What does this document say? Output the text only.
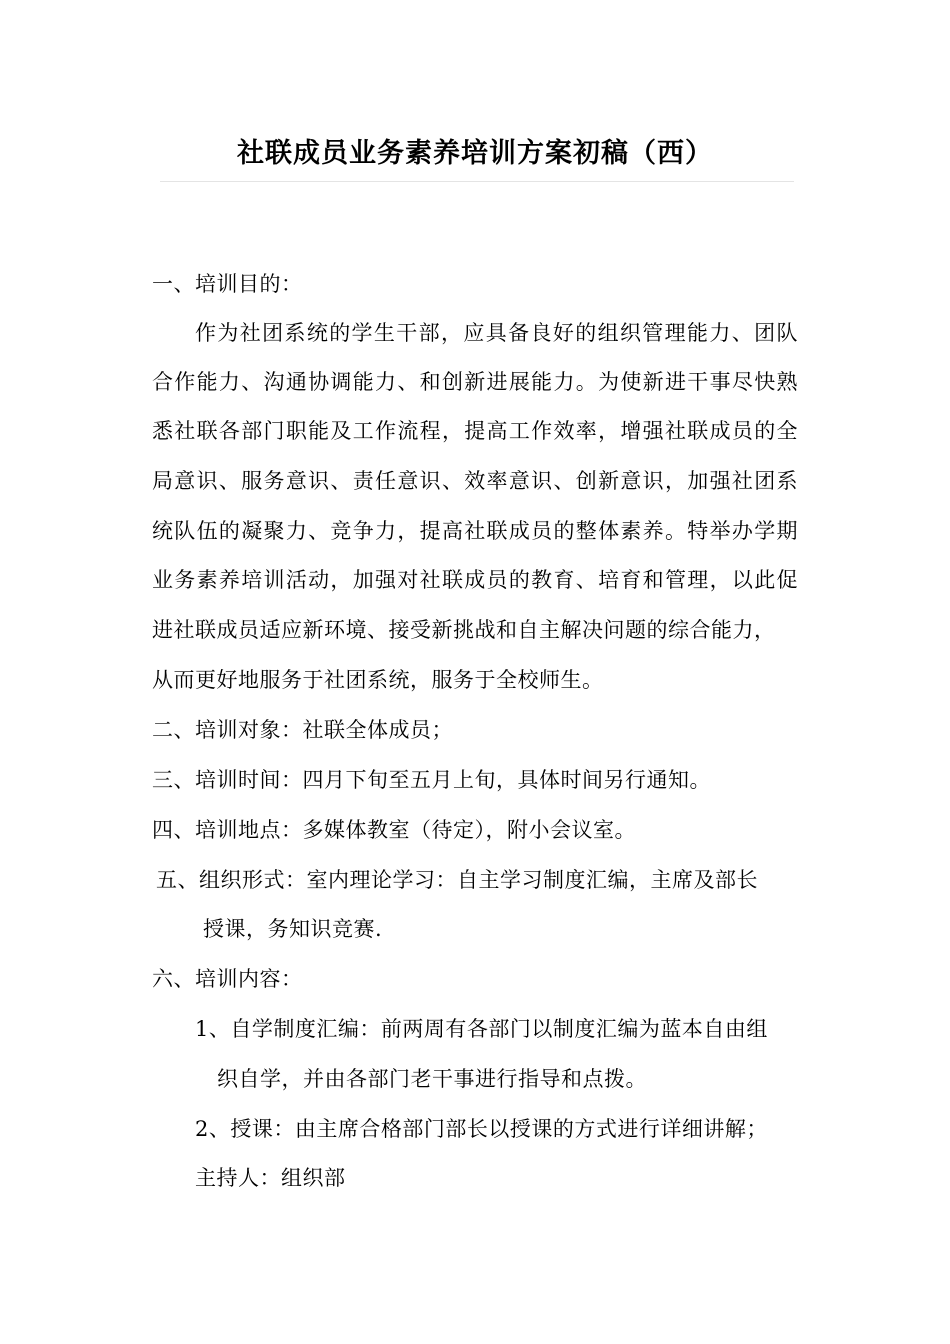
社联成员业务素养培训方案初稿（西）
一、培训目的：
作为社团系统的学生干部，应具备良好的组织管理能力、团队
合作能力、沟通协调能力、和创新进展能力。为使新进干事尽快熟
悉社联各部门职能及工作流程，提高工作效率，增强社联成员的全
局意识、服务意识、责任意识、效率意识、创新意识，加强社团系
统队伍的凝聚力、竞争力，提高社联成员的整体素养。特举办学期
业务素养培训活动，加强对社联成员的教育、培育和管理，以此促
进社联成员适应新环境、接受新挑战和自主解决问题的综合能力，
从而更好地服务于社团系统，服务于全校师生。
二、培训对象：社联全体成员；
三、培训时间：四月下旬至五月上旬，具体时间另行通知。
四、培训地点：多媒体教室（待定），附小会议室。
五、组织形式：室内理论学习：自主学习制度汇编，主席及部长
授课，务知识竞赛.
六、培训内容：
1、自学制度汇编：前两周有各部门以制度汇编为蓝本自由组
织自学，并由各部门老干事进行指导和点拨。
2、授课：由主席合格部门部长以授课的方式进行详细讲解；
主持人：组织部
